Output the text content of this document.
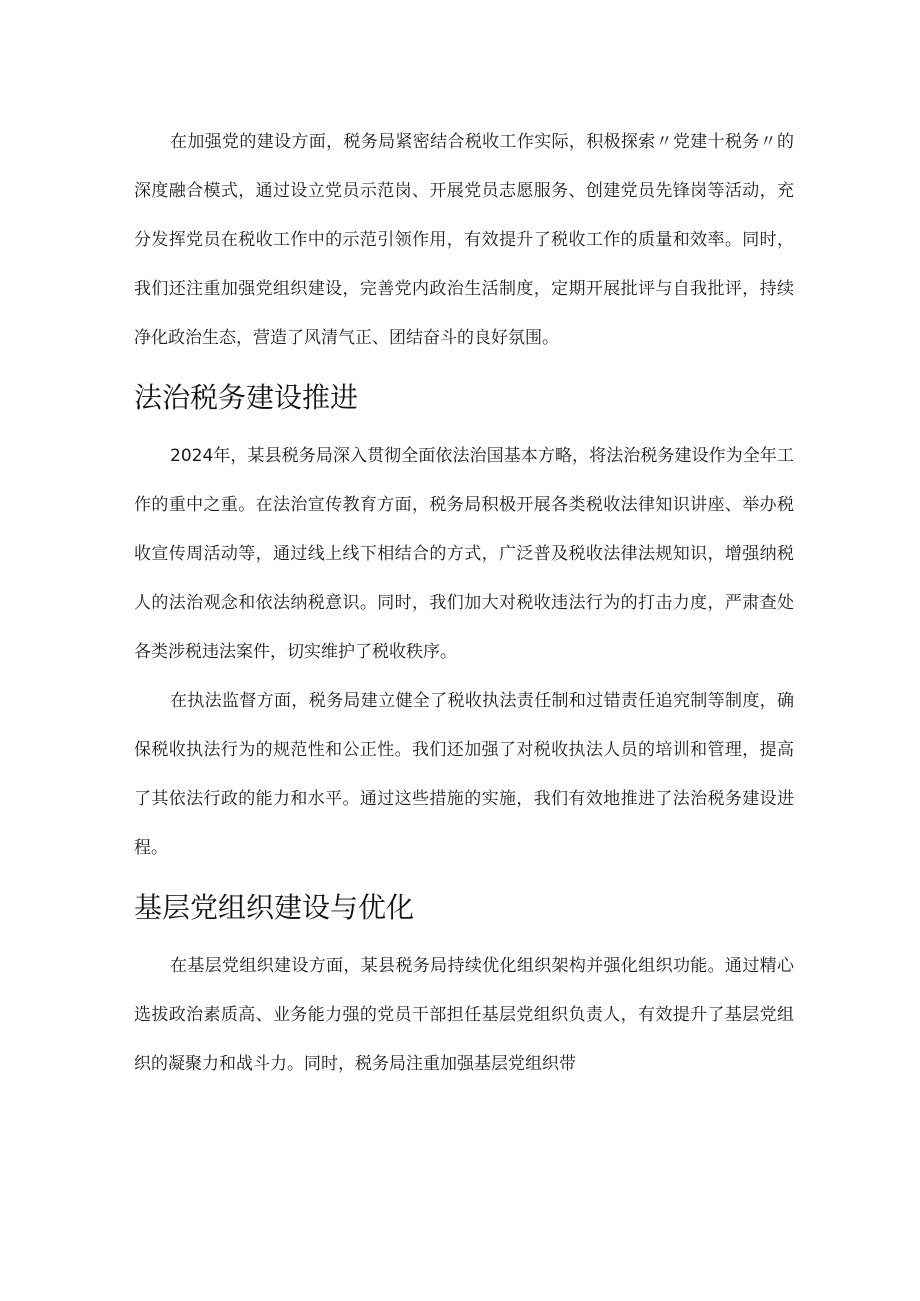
在加强党的建设方面，税务局紧密结合税收工作实际，积极探索〃党建十税务〃的深度融合模式，通过设立党员示范岗、开展党员志愿服务、创建党员先锋岗等活动，充分发挥党员在税收工作中的示范引领作用，有效提升了税收工作的质量和效率。同时，我们还注重加强党组织建设，完善党内政治生活制度，定期开展批评与自我批评，持续净化政治生态，营造了风清气正、团结奋斗的良好氛围。

法治税务建设推进

2024年，某县税务局深入贯彻全面依法治国基本方略，将法治税务建设作为全年工作的重中之重。在法治宣传教育方面，税务局积极开展各类税收法律知识讲座、举办税收宣传周活动等，通过线上线下相结合的方式，广泛普及税收法律法规知识，增强纳税人的法治观念和依法纳税意识。同时，我们加大对税收违法行为的打击力度，严肃查处各类涉税违法案件，切实维护了税收秩序。

在执法监督方面，税务局建立健全了税收执法责任制和过错责任追究制等制度，确保税收执法行为的规范性和公正性。我们还加强了对税收执法人员的培训和管理，提高了其依法行政的能力和水平。通过这些措施的实施，我们有效地推进了法治税务建设进程。

基层党组织建设与优化

在基层党组织建设方面，某县税务局持续优化组织架构并强化组织功能。通过精心选拔政治素质高、业务能力强的党员干部担任基层党组织负责人，有效提升了基层党组织的凝聚力和战斗力。同时，税务局注重加强基层党组织带
